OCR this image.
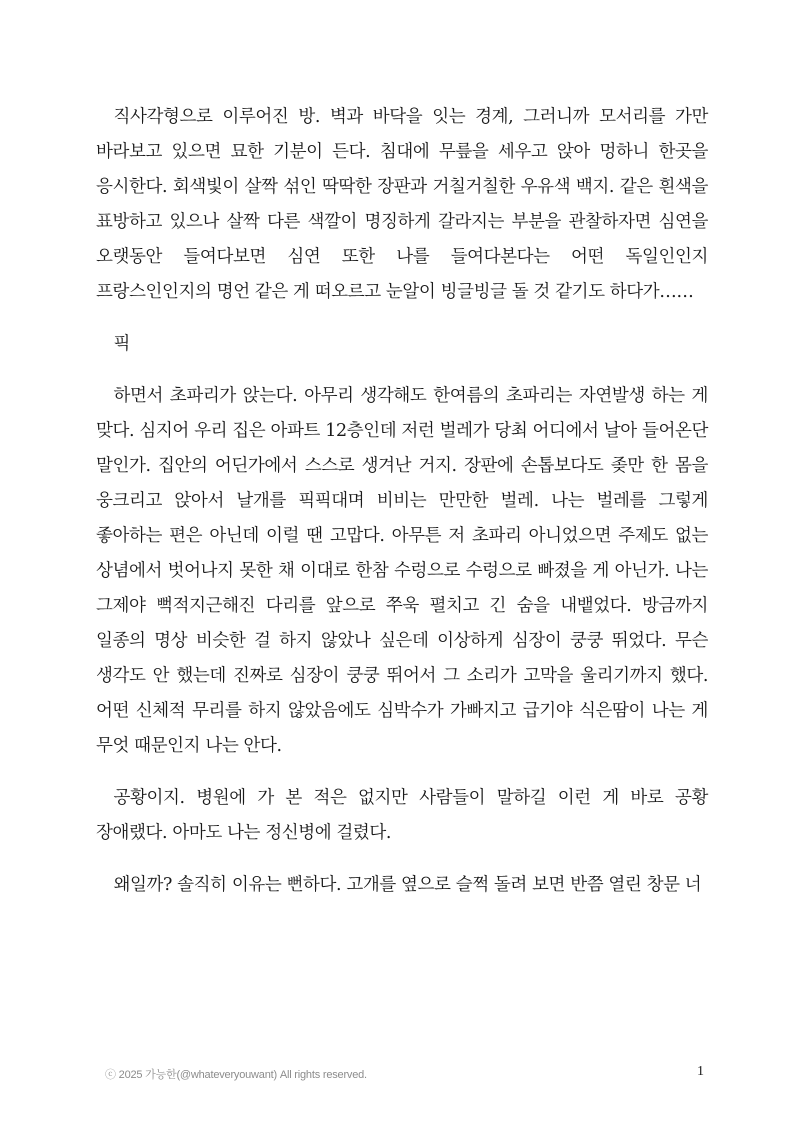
직사각형으로 이루어진 방. 벽과 바닥을 잇는 경계, 그러니까 모서리를 가만 바라보고 있으면 묘한 기분이 든다. 침대에 무릎을 세우고 앉아 멍하니 한곳을 응시한다. 회색빛이 살짝 섞인 딱딱한 장판과 거칠거칠한 우유색 백지. 같은 흰색을 표방하고 있으나 살짝 다른 색깔이 명징하게 갈라지는 부분을 관찰하자면 심연을 오랫동안 들여다보면 심연 또한 나를 들여다본다는 어떤 독일인인지 프랑스인인지의 명언 같은 게 떠오르고 눈알이 빙글빙글 돌 것 같기도 하다가……

픽

하면서 초파리가 앉는다. 아무리 생각해도 한여름의 초파리는 자연발생 하는 게 맞다. 심지어 우리 집은 아파트 12층인데 저런 벌레가 당최 어디에서 날아 들어온단 말인가. 집안의 어딘가에서 스스로 생겨난 거지. 장판에 손톱보다도 좆만 한 몸을 웅크리고 앉아서 날개를 픽픽대며 비비는 만만한 벌레. 나는 벌레를 그렇게 좋아하는 편은 아닌데 이럴 땐 고맙다. 아무튼 저 초파리 아니었으면 주제도 없는 상념에서 벗어나지 못한 채 이대로 한참 수렁으로 수렁으로 빠졌을 게 아닌가. 나는 그제야 뻑적지근해진 다리를 앞으로 쭈욱 펼치고 긴 숨을 내뱉었다. 방금까지 일종의 명상 비슷한 걸 하지 않았나 싶은데 이상하게 심장이 쿵쿵 뛰었다. 무슨 생각도 안 했는데 진짜로 심장이 쿵쿵 뛰어서 그 소리가 고막을 울리기까지 했다. 어떤 신체적 무리를 하지 않았음에도 심박수가 가빠지고 급기야 식은땀이 나는 게 무엇 때문인지 나는 안다.

공황이지. 병원에 가 본 적은 없지만 사람들이 말하길 이런 게 바로 공황 장애랬다. 아마도 나는 정신병에 걸렸다.

왜일까? 솔직히 이유는 뻔하다. 고개를 옆으로 슬쩍 돌려 보면 반쯤 열린 창문 너

ⓒ 2025 가능한(@whateveryouwant) All rights reserved.	1
